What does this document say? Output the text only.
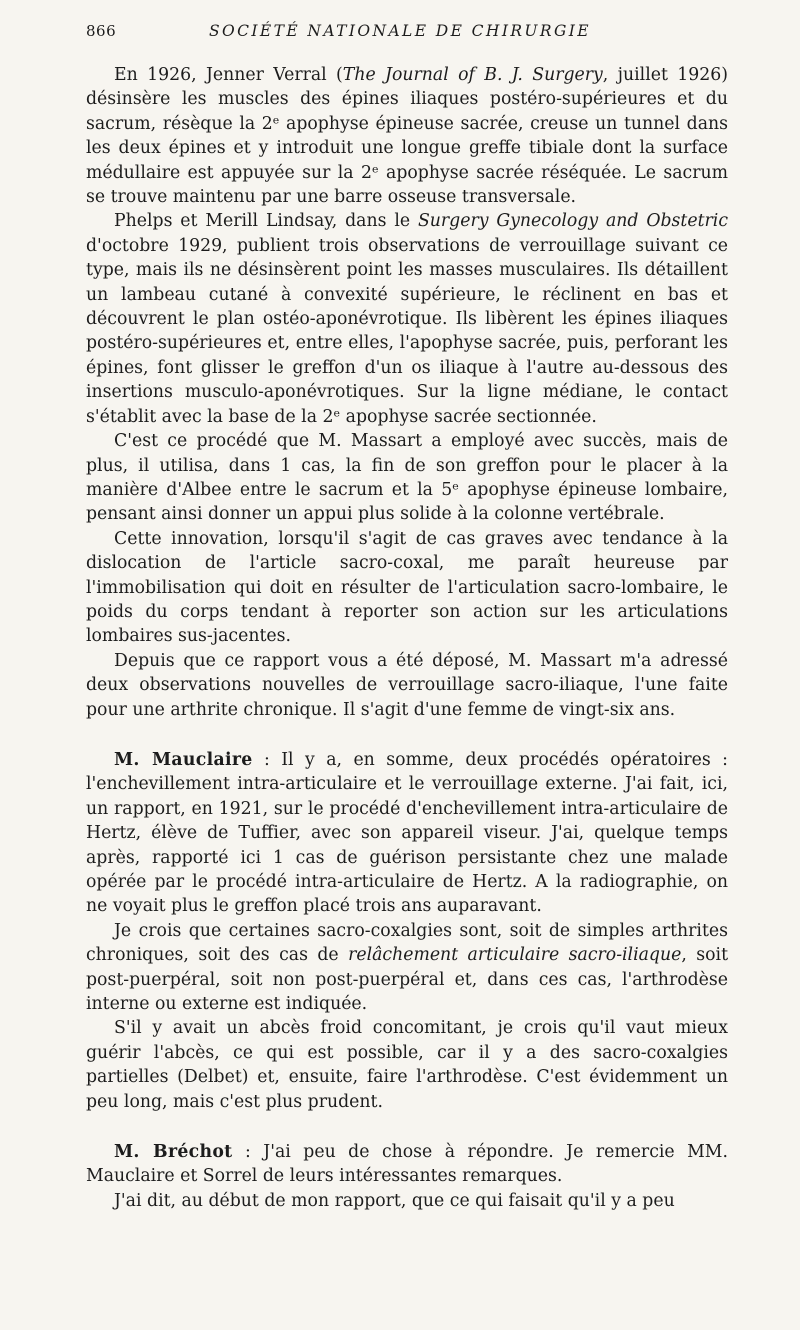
866	SOCIÉTÉ NATIONALE DE CHIRURGIE

En 1926, Jenner Verral (The Journal of B. J. Surgery, juillet 1926) désinsère les muscles des épines iliaques postéro-supérieures et du sacrum, résèque la 2ᵉ apophyse épineuse sacrée, creuse un tunnel dans les deux épines et y introduit une longue greffe tibiale dont la surface médullaire est appuyée sur la 2ᵉ apophyse sacrée réséquée. Le sacrum se trouve maintenu par une barre osseuse transversale.

Phelps et Merill Lindsay, dans le Surgery Gynecology and Obstetric d'octobre 1929, publient trois observations de verrouillage suivant ce type, mais ils ne désinsèrent point les masses musculaires. Ils détaillent un lambeau cutané à convexité supérieure, le réclinent en bas et découvrent le plan ostéo-aponévrotique. Ils libèrent les épines iliaques postéro-supérieures et, entre elles, l'apophyse sacrée, puis, perforant les épines, font glisser le greffon d'un os iliaque à l'autre au-dessous des insertions musculo-aponévrotiques. Sur la ligne médiane, le contact s'établit avec la base de la 2ᵉ apophyse sacrée sectionnée.

C'est ce procédé que M. Massart a employé avec succès, mais de plus, il utilisa, dans 1 cas, la fin de son greffon pour le placer à la manière d'Albee entre le sacrum et la 5ᵉ apophyse épineuse lombaire, pensant ainsi donner un appui plus solide à la colonne vertébrale.

Cette innovation, lorsqu'il s'agit de cas graves avec tendance à la dislocation de l'article sacro-coxal, me paraît heureuse par l'immobilisation qui doit en résulter de l'articulation sacro-lombaire, le poids du corps tendant à reporter son action sur les articulations lombaires sus-jacentes.

Depuis que ce rapport vous a été déposé, M. Massart m'a adressé deux observations nouvelles de verrouillage sacro-iliaque, l'une faite pour une arthrite chronique. Il s'agit d'une femme de vingt-six ans.

M. Mauclaire : Il y a, en somme, deux procédés opératoires : l'enchevillement intra-articulaire et le verrouillage externe. J'ai fait, ici, un rapport, en 1921, sur le procédé d'enchevillement intra-articulaire de Hertz, élève de Tuffier, avec son appareil viseur. J'ai, quelque temps après, rapporté ici 1 cas de guérison persistante chez une malade opérée par le procédé intra-articulaire de Hertz. A la radiographie, on ne voyait plus le greffon placé trois ans auparavant.

Je crois que certaines sacro-coxalgies sont, soit de simples arthrites chroniques, soit des cas de relâchement articulaire sacro-iliaque, soit post-puerpéral, soit non post-puerpéral et, dans ces cas, l'arthrodèse interne ou externe est indiquée.

S'il y avait un abcès froid concomitant, je crois qu'il vaut mieux guérir l'abcès, ce qui est possible, car il y a des sacro-coxalgies partielles (Delbet) et, ensuite, faire l'arthrodèse. C'est évidemment un peu long, mais c'est plus prudent.

M. Bréchot : J'ai peu de chose à répondre. Je remercie MM. Mauclaire et Sorrel de leurs intéressantes remarques.

J'ai dit, au début de mon rapport, que ce qui faisait qu'il y a peu
